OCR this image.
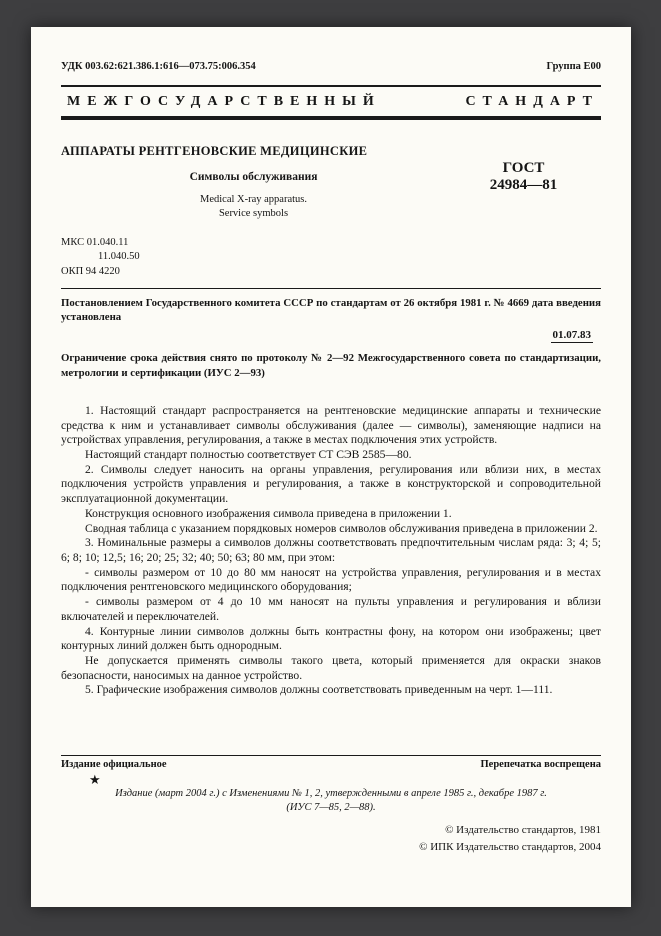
УДК 003.62:621.386.1:616—073.75:006.354	Группа Е00
МЕЖГОСУДАРСТВЕННЫЙ	СТАНДАРТ
АППАРАТЫ РЕНТГЕНОВСКИЕ МЕДИЦИНСКИЕ
Символы обслуживания
Medical X-ray apparatus.
Service symbols
ГОСТ
24984—81
МКС 01.040.11
11.040.50
ОКП 94 4220
Постановлением Государственного комитета СССР по стандартам от 26 октября 1981 г. № 4669 дата введения установлена
01.07.83
Ограничение срока действия снято по протоколу № 2—92 Межгосударственного совета по стандартизации, метрологии и сертификации (ИУС 2—93)

1. Настоящий стандарт распространяется на рентгеновские медицинские аппараты и технические средства к ним и устанавливает символы обслуживания (далее — символы), заменяющие надписи на устройствах управления, регулирования, а также в местах подключения этих устройств.

Настоящий стандарт полностью соответствует СТ СЭВ 2585—80.

2. Символы следует наносить на органы управления, регулирования или вблизи них, в местах подключения устройств управления и регулирования, а также в конструкторской и сопроводительной эксплуатационной документации.

Конструкция основного изображения символа приведена в приложении 1.

Сводная таблица с указанием порядковых номеров символов обслуживания приведена в приложении 2.

3. Номинальные размеры а символов должны соответствовать предпочтительным числам ряда: 3; 4; 5; 6; 8; 10; 12,5; 16; 20; 25; 32; 40; 50; 63; 80 мм, при этом:

- символы размером от 10 до 80 мм наносят на устройства управления, регулирования и в местах подключения рентгеновского медицинского оборудования;

- символы размером от 4 до 10 мм наносят на пульты управления и регулирования и вблизи включателей и переключателей.

4. Контурные линии символов должны быть контрастны фону, на котором они изображены; цвет контурных линий должен быть однородным.

Не допускается применять символы такого цвета, который применяется для окраски знаков безопасности, наносимых на данное устройство.

5. Графические изображения символов должны соответствовать приведенным на черт. 1—111.

Издание официальное	Перепечатка воспрещена
★
Издание (март 2004 г.) с Изменениями № 1, 2, утвержденными в апреле 1985 г., декабре 1987 г.
(ИУС 7—85, 2—88).
© Издательство стандартов, 1981
© ИПК Издательство стандартов, 2004
